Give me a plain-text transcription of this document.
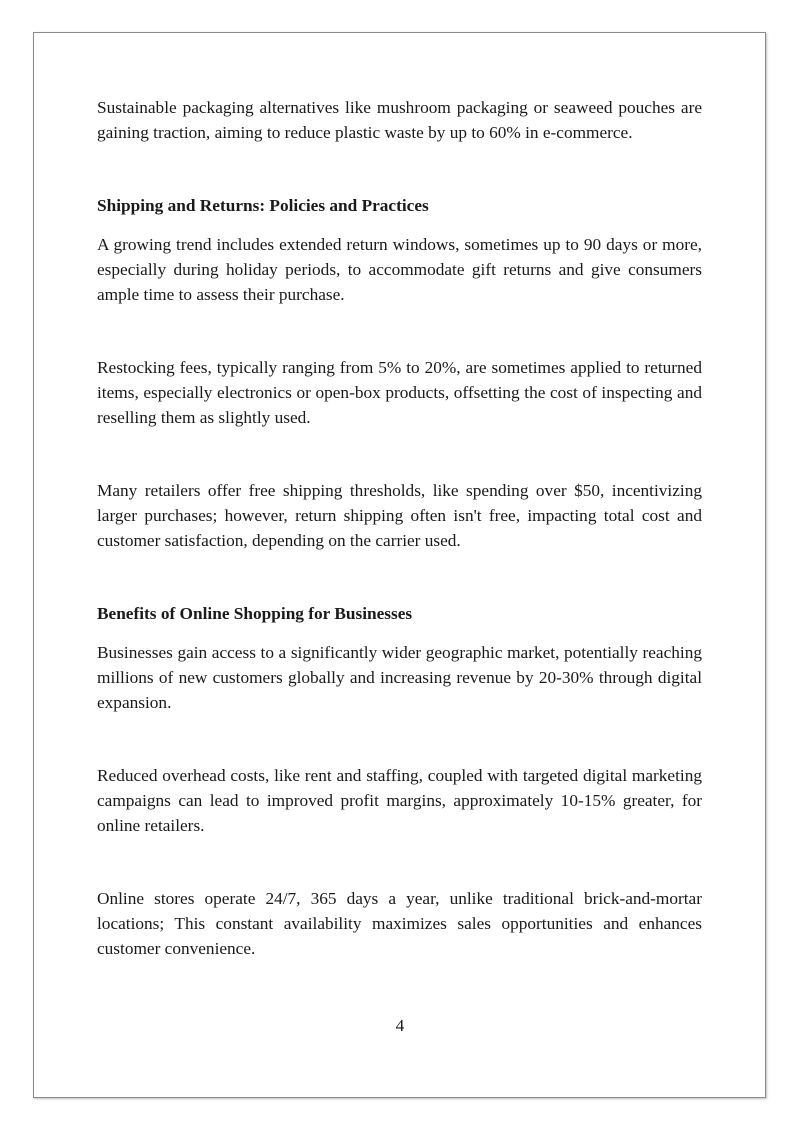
Sustainable packaging alternatives like mushroom packaging or seaweed pouches are gaining traction, aiming to reduce plastic waste by up to 60% in e-commerce.

Shipping and Returns: Policies and Practices

A growing trend includes extended return windows, sometimes up to 90 days or more, especially during holiday periods, to accommodate gift returns and give consumers ample time to assess their purchase.

Restocking fees, typically ranging from 5% to 20%, are sometimes applied to returned items, especially electronics or open-box products, offsetting the cost of inspecting and reselling them as slightly used.

Many retailers offer free shipping thresholds, like spending over $50, incentivizing larger purchases; however, return shipping often isn't free, impacting total cost and customer satisfaction, depending on the carrier used.

Benefits of Online Shopping for Businesses

Businesses gain access to a significantly wider geographic market, potentially reaching millions of new customers globally and increasing revenue by 20-30% through digital expansion.

Reduced overhead costs, like rent and staffing, coupled with targeted digital marketing campaigns can lead to improved profit margins, approximately 10-15% greater, for online retailers.

Online stores operate 24/7, 365 days a year, unlike traditional brick-and-mortar locations; This constant availability maximizes sales opportunities and enhances customer convenience.

4
